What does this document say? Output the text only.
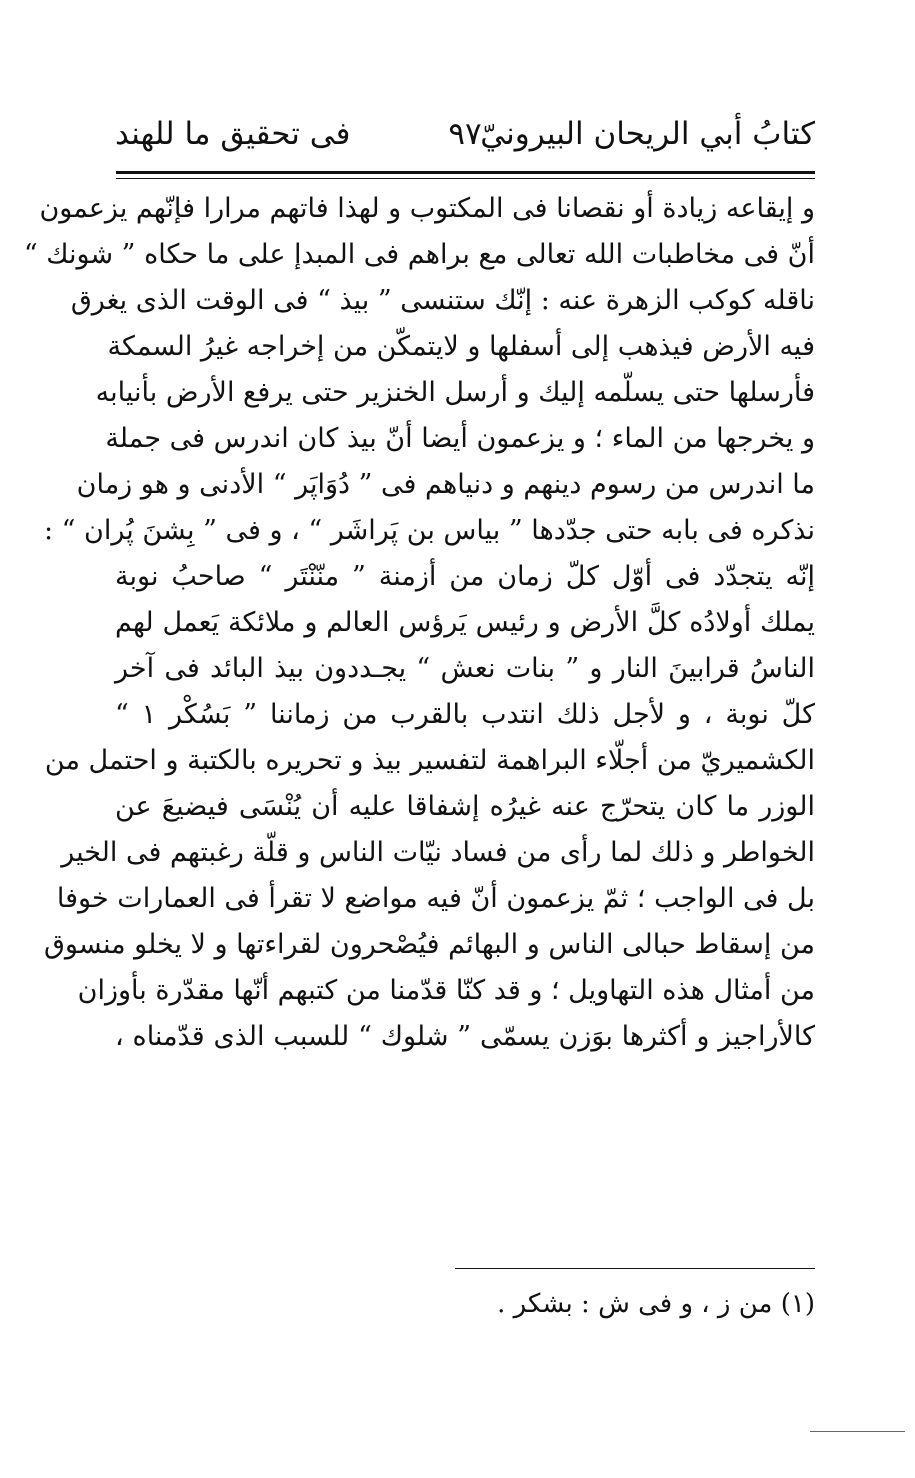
كتابُ أبي الريحان البيرونيّ
٩٧
فى تحقيق ما للهند
و إيقاعه زيادة أو نقصانا فى المكتوب و لهذا فاتهم مرارا فإنّهم يزعمون
أنّ فى مخاطبات الله تعالى مع براهم فى المبدإ على ما حكاه ” شونك “
ناقله كوكب الزهرة عنه : إنّك ستنسى ” بيذ “ فى الوقت الذى يغرق
فيه الأرض فيذهب إلى أسفلها و لايتمكّن من إخراجه غيرُ السمكة
فأرسلها حتى يسلّمه إليك و أرسل الخنزير حتى يرفع الأرض بأنيابه
و يخرجها من الماء ؛ و يزعمون أيضا أنّ بيذ كان اندرس فى جملة
ما اندرس من رسوم دينهم و دنياهم فى ” دُوَاپَر “ الأدنى و هو زمان
نذكره فى بابه حتى جدّدها ” بياس بن پَراشَر “ ، و فى ” بِشنَ پُران “ :
إنّه يتجدّد فى أوّل كلّ زمان من أزمنة ” منّنْتَر “ صاحبُ نوبة
يملك أولادُه كلَّ الأرض و رئيس يَرؤس العالم و ملائكة يَعمل لهم
الناسُ قرابينَ النار و ” بنات نعش “ يجـددون بيذ البائد فى آخر
كلّ نوبة ، و لأجل ذلك انتدب بالقرب من زماننا ” بَسُكْر ١ “
الكشميريّ من أجلّاء البراهمة لتفسير بيذ و تحريره بالكتبة و احتمل من
الوزر ما كان يتحرّج عنه غيرُه إشفاقا عليه أن يُنْسَى فيضيعَ عن
الخواطر و ذلك لما رأى من فساد نيّات الناس و قلّة رغبتهم فى الخير
بل فى الواجب ؛ ثمّ يزعمون أنّ فيه مواضع لا تقرأ فى العمارات خوفا
من إسقاط حبالى الناس و البهائم فيُصْحرون لقراءتها و لا يخلو منسوق
من أمثال هذه التهاويل ؛ و قد كنّا قدّمنا من كتبهم أنّها مقدّرة بأوزان
كالأراجيز و أكثرها بوَزن يسمّى ” شلوك “ للسبب الذى قدّمناه ،
(١) من ز ، و فى ش : بشكر .
